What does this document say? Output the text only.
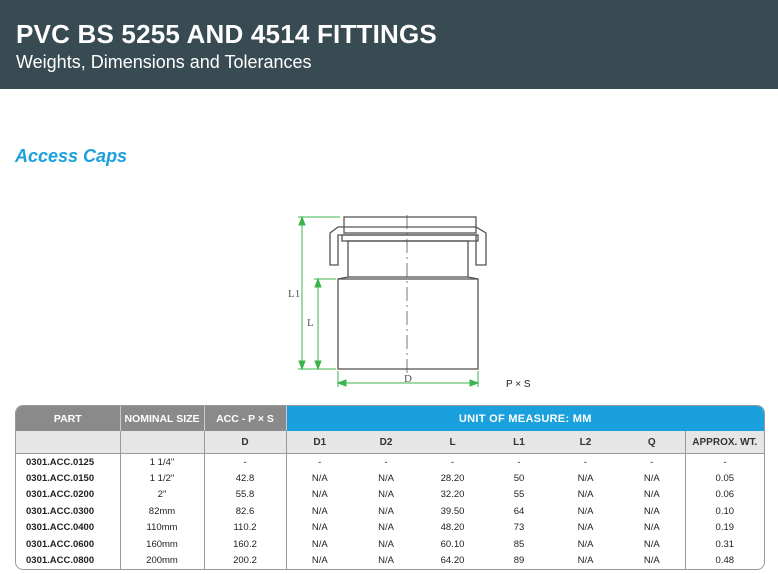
PVC BS 5255 AND 4514 FITTINGS
Weights, Dimensions and Tolerances
Access Caps
L1
L
D	P × S
PART	NOMINAL SIZE	ACC - P × S	UNIT OF MEASURE: MM						
		D	D1	D2	L	L1	L2	Q	APPROX. WT.
0301.ACC.0125	1 1/4"	-	-	-	-	-	-	-	-
0301.ACC.0150	1 1/2"	42.8	N/A	N/A	28.20	50	N/A	N/A	0.05
0301.ACC.0200	2"	55.8	N/A	N/A	32.20	55	N/A	N/A	0.06
0301.ACC.0300	82mm	82.6	N/A	N/A	39.50	64	N/A	N/A	0.10
0301.ACC.0400	110mm	110.2	N/A	N/A	48.20	73	N/A	N/A	0.19
0301.ACC.0600	160mm	160.2	N/A	N/A	60.10	85	N/A	N/A	0.31
0301.ACC.0800	200mm	200.2	N/A	N/A	64.20	89	N/A	N/A	0.48
